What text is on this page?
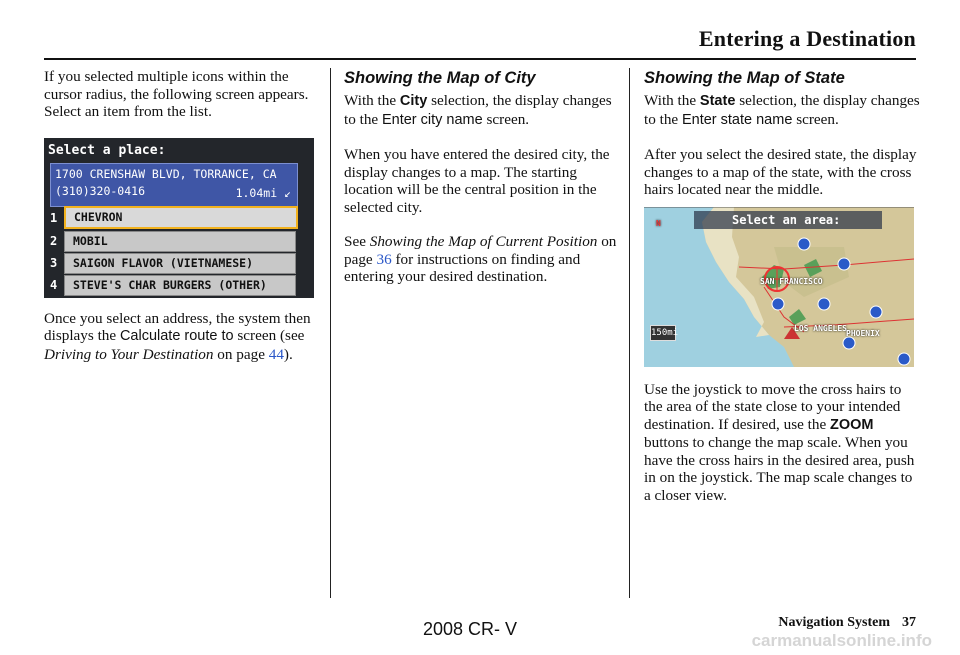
Entering a Destination

If you selected multiple icons within the cursor radius, the following screen appears. Select an item from the list.

Select a place:
1700 CRENSHAW BLVD, TORRANCE, CA
(310)320-0416	1.04mi ↙
1	CHEVRON
2	MOBIL
3	SAIGON FLAVOR (VIETNAMESE)
4	STEVE'S CHAR BURGERS (OTHER)

Once you select an address, the system then displays the Calculate route to screen (see Driving to Your Destination on page 44).

Showing the Map of City

With the City selection, the display changes to the Enter city name screen.

When you have entered the desired city, the display changes to a map. The starting location will be the central position in the selected city.

See Showing the Map of Current Position on page 36 for instructions on finding and entering your desired destination.

Showing the Map of State

With the State selection, the display changes to the Enter state name screen.

After you select the desired state, the display changes to a map of the state, with the cross hairs located near the middle.

Select an area:
N
SAN FRANCISCO
LOS ANGELES
PHOENIX
150mi

Use the joystick to move the cross hairs to the area of the state close to your intended destination. If desired, use the ZOOM buttons to change the map scale. When you have the cross hairs in the desired area, push in on the joystick. The map scale changes to a closer view.

Navigation System 37
2008 CR- V
carmanualsonline.info
